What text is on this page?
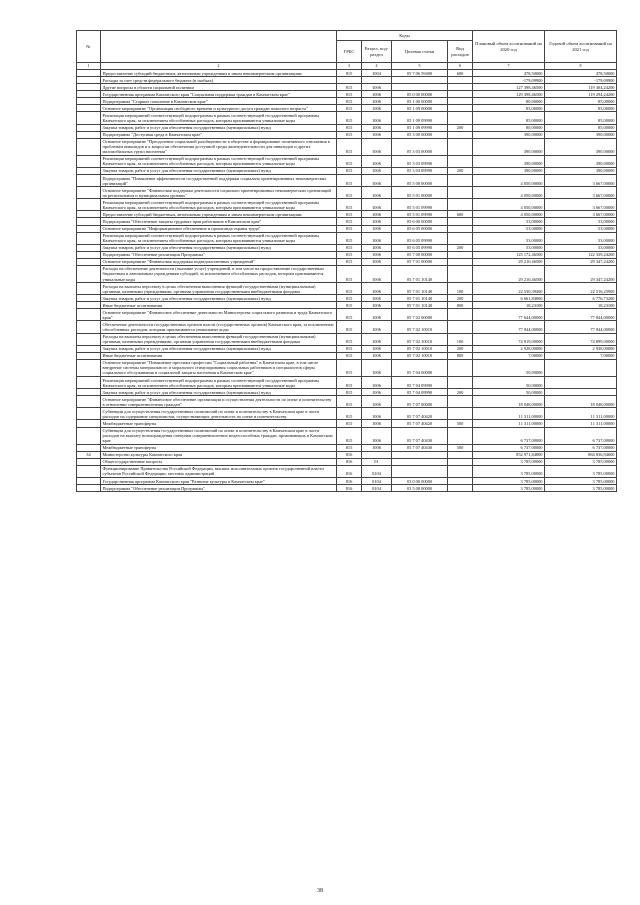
№		Коды				Плановый объем ассигнований на 2020 год	Годовой объем ассигнований на 2021 год
		ГРБС	Раздел, под-раздел	Целевая статья	Вид расходов		
1	2	3	4	5	6	7	8
	Предоставление субсидий бюджетным, автономным учреждениям и иным некоммерческим организациям	815	1004	05 7 06 59400	600	478,50000	478,50000
	Расходы за счет средств федерального бюджета (в скобках)					-179,09900	-179,09900
	Другие вопросы в области социальной политики	815	1006			127 398,46500	119 304,24200
	Государственная программа Камчатского края "Социальная поддержка граждан в Камчатском крае"	815	1006	05 0 00 00000		129 398,46500	119 294,24200
	Подпрограмма "Старшее поколение в Камчатском крае"	815	1006	05 1 00 00000		80,00000	85,00000
	Основное мероприятие "Организация свободного времени и культурного досуга граждан пожилого возраста"	815	1006	05 1 09 00000		85,00000	85,00000
	Реализация мероприятий соответствующей подпрограммы в рамках соответствующей государственной программы Камчатского края, за исключением обособленных расходов, которым присваиваются уникальные коды	815	1006	05 1 09 09990		85,00000	85,00000
	Закупка товаров, работ и услуг для обеспечения государственных (муниципальных) нужд	815	1006	05 1 09 09990	200	80,00000	85,00000
	Подпрограмма "Доступная среда в Камчатском крае"	815	1006	05 3 00 00000		390,00000	390,00000
	Основное мероприятие "Преодоление социальной разобщенности в обществе и формирование позитивного отношения к проблемам инвалидов и к вопросам обеспечения доступной среды жизнедеятельности для инвалидов и других маломобильных групп населения"	815	1006	05 3 03 00000		390,00000	390,00000
	Реализация мероприятий соответствующей подпрограммы в рамках соответствующей государственной программы Камчатского края, за исключением обособленных расходов, которым присваиваются уникальные коды	815	1006	05 3 03 09990		390,00000	390,00000
	Закупка товаров, работ и услуг для обеспечения государственных (муниципальных) нужд	815	1006	05 3 03 09990	200	390,00000	390,00000
	Подпрограмма "Повышение эффективности государственной поддержки социально ориентированных некоммерческих организаций"	815	1006	05 5 00 00000		4 050,00000	3 667,00000
	Основное мероприятие "Финансовая поддержка деятельности социально ориентированных некоммерческих организаций на региональном и муниципальном уровнях"	815	1006	05 5 01 00000		4 050,00000	3 667,00000
	Реализация мероприятий соответствующей подпрограммы в рамках соответствующей государственной программы Камчатского края, за исключением обособленных расходов, которым присваиваются уникальные коды	815	1006	05 5 01 09990		4 050,00000	3 667,00000
	Предоставление субсидий бюджетным, автономным учреждениям и иным некоммерческим организациям	815	1006	05 5 01 09990	600	4 050,00000	3 667,00000
	Подпрограмма "Обеспечение защиты трудовых прав работников в Камчатском крае"	815	1006	05 6 00 00000		53,00000	53,00000
	Основное мероприятие "Информационное обеспечение и пропаганда охраны труда"	815	1006	05 6 05 00000		53,00000	53,00000
	Реализация мероприятий соответствующей подпрограммы в рамках соответствующей государственной программы Камчатского края, за исключением обособленных расходов, которым присваиваются уникальные коды	815	1006	05 6 05 09990		53,00000	53,00000
	Закупка товаров, работ и услуг для обеспечения государственных (муниципальных) нужд	815	1006	05 6 05 09990	200	53,00000	53,00000
	Подпрограмма "Обеспечение реализации Программы"	815	1006	05 7 00 00000		125 172,46500	122 339,24200
	Основное мероприятие "Финансовая поддержка подведомственных учреждений"	815	1006	05 7 01 00000		29 210,46500	29 347,24200
	Расходы на обеспечение деятельности (оказание услуг) учреждений, в том числе на предоставление государственным бюджетным и автономным учреждениям субсидий, за исключением обособленных расходов, которым присваиваются уникальные коды	815	1006	05 7 01 10140		29 210,46500	29 347,24200
	Расходы на выплаты персоналу в целях обеспечения выполнения функций государственными (муниципальными) органами, казенными учреждениями, органами управления государственными внебюджетными фондами	815	1006	05 7 01 10140	100	22 530,39400	22 516,25900
	Закупка товаров, работ и услуг для обеспечения государственных (муниципальных) нужд	815	1006	05 7 01 10140	200	6 661,84800	6 776,73200
	Иные бюджетные ассигнования	815	1006	05 7 01 10140	800	18,23100	18,23100
	Основное мероприятие "Финансовое обеспечение деятельности Министерства социального развития и труда Камчатского края"	815	1006	05 7 02 00000		77 644,00000	77 844,00000
	Обеспечение деятельности государственных органов власти (государственных органов) Камчатского края, за исключением обособленных расходов, которым присваиваются уникальные коды	815	1006	05 7 02 10010		77 844,00000	77 844,00000
	Расходы на выплаты персоналу в целях обеспечения выполнения функций государственными (муниципальными) органами, казенными учреждениями, органами управления государственными внебюджетными фондами	815	1006	05 7 02 10010	100	74 919,00000	74 899,00000
	Закупка товаров, работ и услуг для обеспечения государственных (муниципальных) нужд	815	1006	05 7 02 10010	200	2 928,00000	2 938,00000
	Иные бюджетные ассигнования	815	1006	05 7 02 10010	800	7,00000	7,00000
	Основное мероприятие "Повышение престижа профессии "Социальный работник" в Камчатском крае, в том числе внедрение системы материального и морального стимулирования социальных работников и специалистов сферы социального обслуживания и социальной защиты населения в Камчатском крае"	815	1006	05 7 04 00000		50,00000	
	Реализация мероприятий соответствующей подпрограммы в рамках соответствующей государственной программы Камчатского края, за исключением обособленных расходов, которым присваиваются уникальные коды	815	1006	05 7 04 09990		50,00000	
	Закупка товаров, работ и услуг для обеспечения государственных (муниципальных) нужд	815	1006	05 7 04 09990	200	50,00000	
	Основное мероприятие "Финансовое обеспечение организации и осуществления деятельности по опеке и попечительству в отношении совершеннолетних граждан"	815	1006	05 7 07 00000		18 048,00000	18 048,00000
	Субвенции для осуществления государственных полномочий по опеке и попечительству в Камчатском крае в части расходов на содержание специалистов, осуществляющих деятельность по опеке и попечительству	815	1006	05 7 07 40420		11 311,00000	11 311,00000
	Межбюджетные трансферты	815	1006	05 7 07 40420	500	11 311,00000	11 311,00000
	Субвенции для осуществления государственных полномочий по опеке и попечительству в Камчатском крае в части расходов на выплату вознаграждения опекунам совершеннолетних недееспособных граждан, проживающих в Камчатском крае	815	1006	05 7 07 40430		6 737,00000	6 737,00000
	Межбюджетные трансферты	815	1006	05 7 07 40430	500	6 737,00000	6 737,00000
34	Министерство культуры Камчатского края	816				852 971,84800	884 836,94600
	Общегосударственные вопросы	816	01			3 785,00000	3 785,00000
	Функционирование Правительства Российской Федерации, высших исполнительных органов государственной власти субъектов Российской Федерации, местных администраций	816	0104			3 785,00000	3 785,00000
	Государственная программа Камчатского края "Развитие культуры в Камчатском крае"	816	0104	03 0 00 00000		3 785,00000	3 785,00000
	Подпрограмма "Обеспечение реализации Программы"	816	0104	03 5 00 00000		3 785,00000	3 785,00000
38
